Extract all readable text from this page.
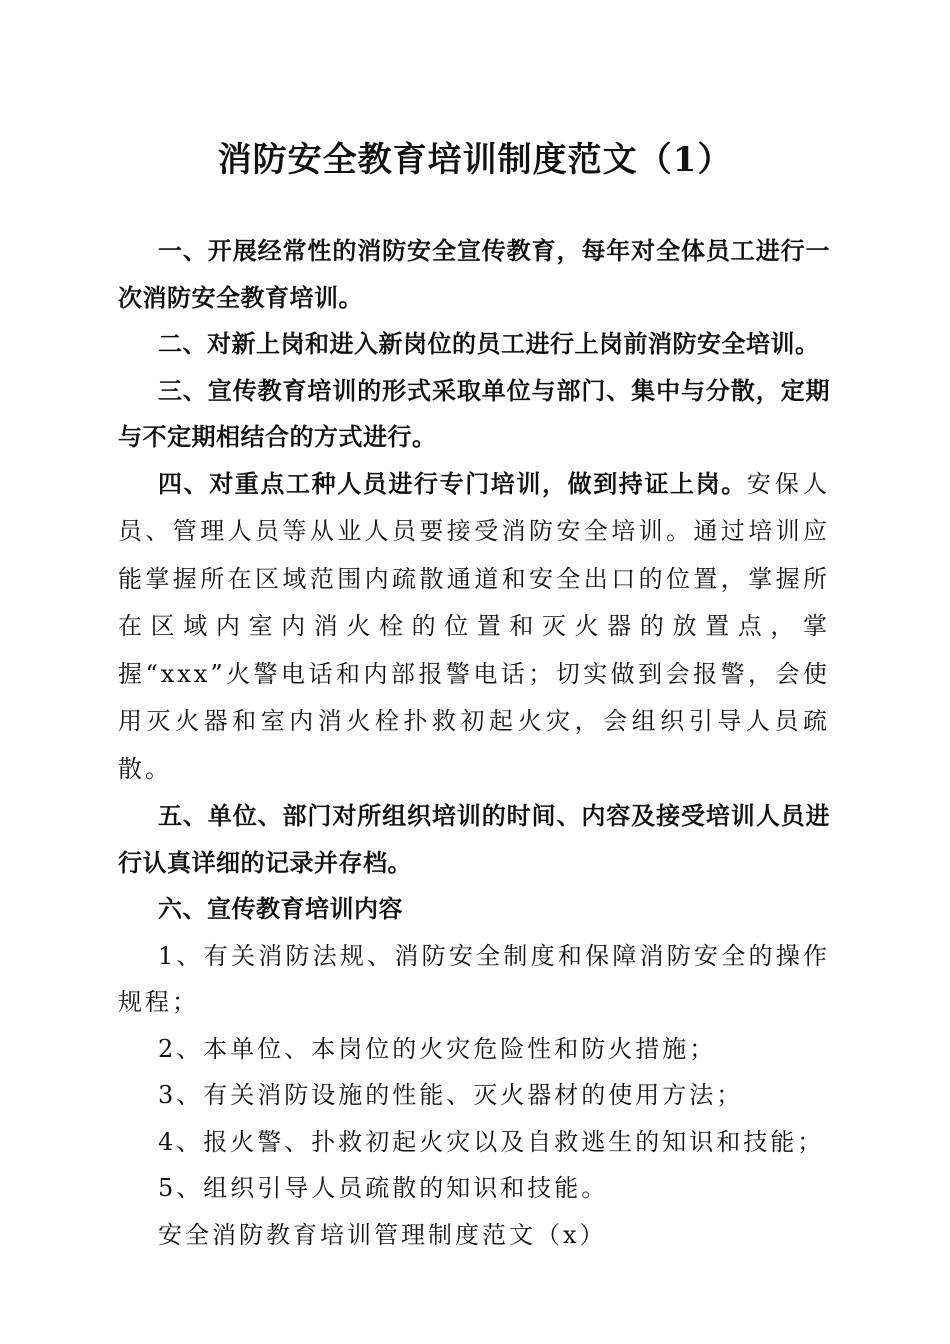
消防安全教育培训制度范文（1）

一、开展经常性的消防安全宣传教育，每年对全体员工进行一次消防安全教育培训。

二、对新上岗和进入新岗位的员工进行上岗前消防安全培训。

三、宣传教育培训的形式采取单位与部门、集中与分散，定期与不定期相结合的方式进行。

四、对重点工种人员进行专门培训，做到持证上岗。安保人员、管理人员等从业人员要接受消防安全培训。通过培训应能掌握所在区域范围内疏散通道和安全出口的位置，掌握所在区域内室内消火栓的位置和灭火器的放置点，掌握“xxx”火警电话和内部报警电话；切实做到会报警，会使用灭火器和室内消火栓扑救初起火灾，会组织引导人员疏散。

五、单位、部门对所组织培训的时间、内容及接受培训人员进行认真详细的记录并存档。

六、宣传教育培训内容

1、有关消防法规、消防安全制度和保障消防安全的操作规程；

2、本单位、本岗位的火灾危险性和防火措施；

3、有关消防设施的性能、灭火器材的使用方法；

4、报火警、扑救初起火灾以及自救逃生的知识和技能；

5、组织引导人员疏散的知识和技能。

安全消防教育培训管理制度范文（x）
